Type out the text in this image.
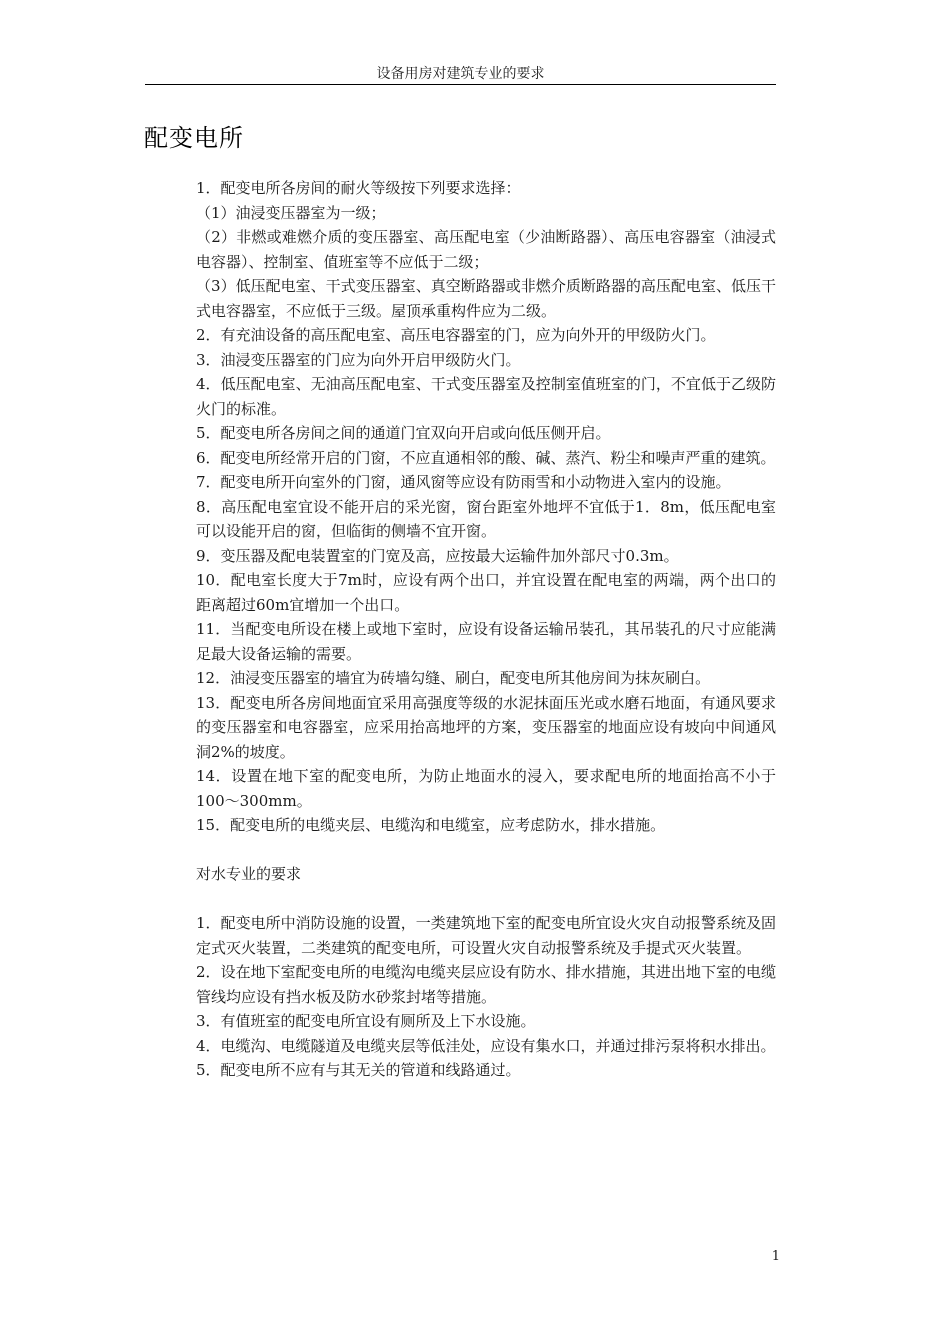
设备用房对建筑专业的要求
配变电所

1．配变电所各房间的耐火等级按下列要求选择：

（1）油浸变压器室为一级；

（2）非燃或难燃介质的变压器室、高压配电室（少油断路器）、高压电容器室（油浸式电容器）、控制室、值班室等不应低于二级；

（3）低压配电室、干式变压器室、真空断路器或非燃介质断路器的高压配电室、低压干式电容器室，不应低于三级。屋顶承重构件应为二级。

2．有充油设备的高压配电室、高压电容器室的门，应为向外开的甲级防火门。

3．油浸变压器室的门应为向外开启甲级防火门。

4．低压配电室、无油高压配电室、干式变压器室及控制室值班室的门，不宜低于乙级防火门的标准。

5．配变电所各房间之间的通道门宜双向开启或向低压侧开启。

6．配变电所经常开启的门窗，不应直通相邻的酸、碱、蒸汽、粉尘和噪声严重的建筑。

7．配变电所开向室外的门窗，通风窗等应设有防雨雪和小动物进入室内的设施。

8．高压配电室宜设不能开启的采光窗，窗台距室外地坪不宜低于1．8m，低压配电室可以设能开启的窗，但临街的侧墙不宜开窗。

9．变压器及配电装置室的门宽及高，应按最大运输件加外部尺寸0.3m。

10．配电室长度大于7m时，应设有两个出口，并宜设置在配电室的两端，两个出口的距离超过60m宜增加一个出口。

11．当配变电所设在楼上或地下室时，应设有设备运输吊装孔，其吊装孔的尺寸应能满足最大设备运输的需要。

12．油浸变压器室的墙宜为砖墙勾缝、刷白，配变电所其他房间为抹灰刷白。

13．配变电所各房间地面宜采用高强度等级的水泥抹面压光或水磨石地面，有通风要求的变压器室和电容器室，应采用抬高地坪的方案，变压器室的地面应设有坡向中间通风洞2%的坡度。

14．设置在地下室的配变电所，为防止地面水的浸入，要求配电所的地面抬高不小于100～300mm。

15．配变电所的电缆夹层、电缆沟和电缆室，应考虑防水，排水措施。

对水专业的要求

1．配变电所中消防设施的设置，一类建筑地下室的配变电所宜设火灾自动报警系统及固定式灭火装置，二类建筑的配变电所，可设置火灾自动报警系统及手提式灭火装置。

2．设在地下室配变电所的电缆沟电缆夹层应设有防水、排水措施，其进出地下室的电缆管线均应设有挡水板及防水砂浆封堵等措施。

3．有值班室的配变电所宜设有厕所及上下水设施。

4．电缆沟、电缆隧道及电缆夹层等低洼处，应设有集水口，并通过排污泵将积水排出。

5．配变电所不应有与其无关的管道和线路通过。

1
